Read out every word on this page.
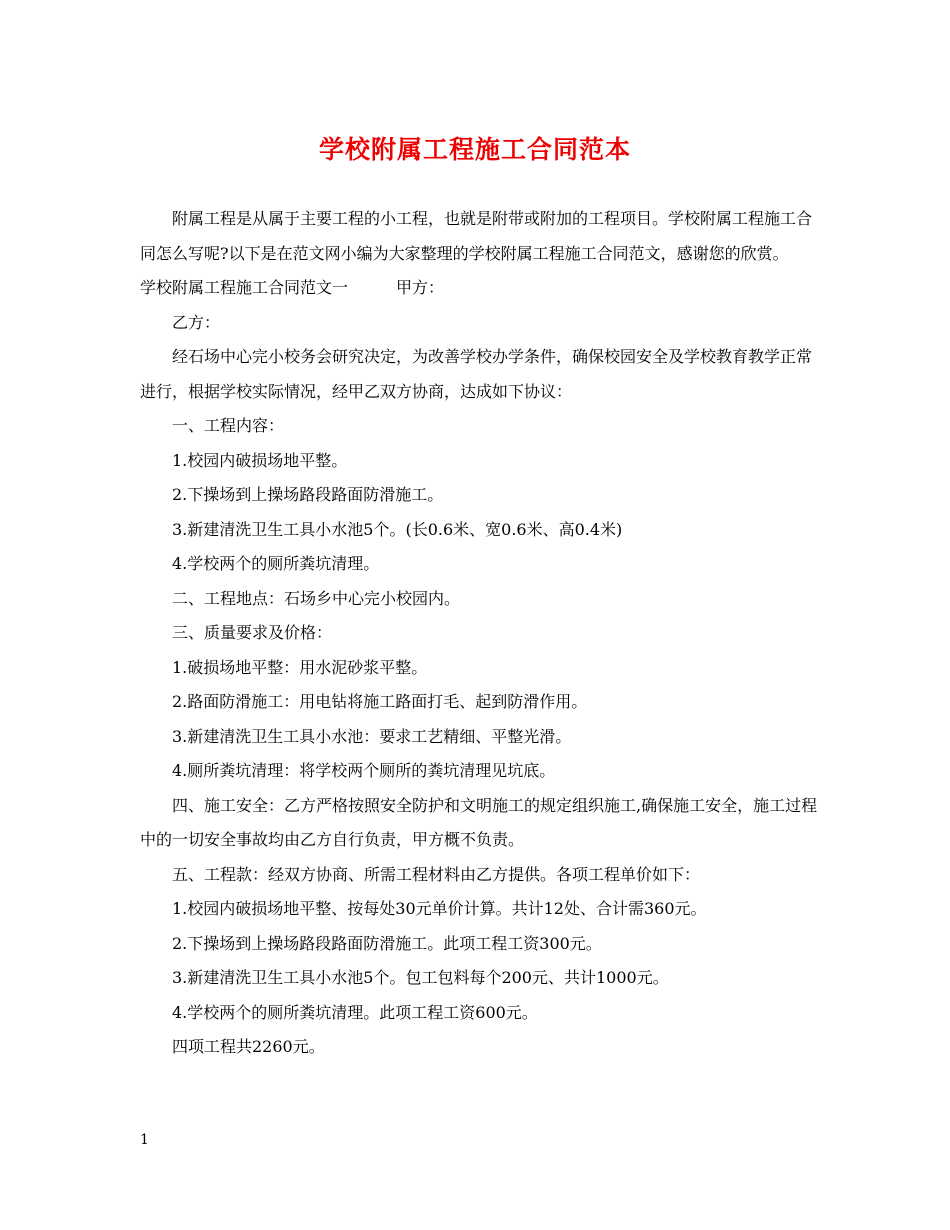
学校附属工程施工合同范本

附属工程是从属于主要工程的小工程，也就是附带或附加的工程项目。学校附属工程施工合同怎么写呢?以下是在范文网小编为大家整理的学校附属工程施工合同范文，感谢您的欣赏。

学校附属工程施工合同范文一	甲方：

乙方：

经石场中心完小校务会研究决定，为改善学校办学条件，确保校园安全及学校教育教学正常进行，根据学校实际情况，经甲乙双方协商，达成如下协议：

一、工程内容：

1.校园内破损场地平整。

2.下操场到上操场路段路面防滑施工。

3.新建清洗卫生工具小水池5个。(长0.6米、宽0.6米、高0.4米)

4.学校两个的厕所粪坑清理。

二、工程地点：石场乡中心完小校园内。

三、质量要求及价格：

1.破损场地平整：用水泥砂浆平整。

2.路面防滑施工：用电钻将施工路面打毛、起到防滑作用。

3.新建清洗卫生工具小水池：要求工艺精细、平整光滑。

4.厕所粪坑清理：将学校两个厕所的粪坑清理见坑底。

四、施工安全：乙方严格按照安全防护和文明施工的规定组织施工,确保施工安全，施工过程中的一切安全事故均由乙方自行负责，甲方概不负责。

五、工程款：经双方协商、所需工程材料由乙方提供。各项工程单价如下：

1.校园内破损场地平整、按每处30元单价计算。共计12处、合计需360元。

2.下操场到上操场路段路面防滑施工。此项工程工资300元。

3.新建清洗卫生工具小水池5个。包工包料每个200元、共计1000元。

4.学校两个的厕所粪坑清理。此项工程工资600元。

四项工程共2260元。

1
